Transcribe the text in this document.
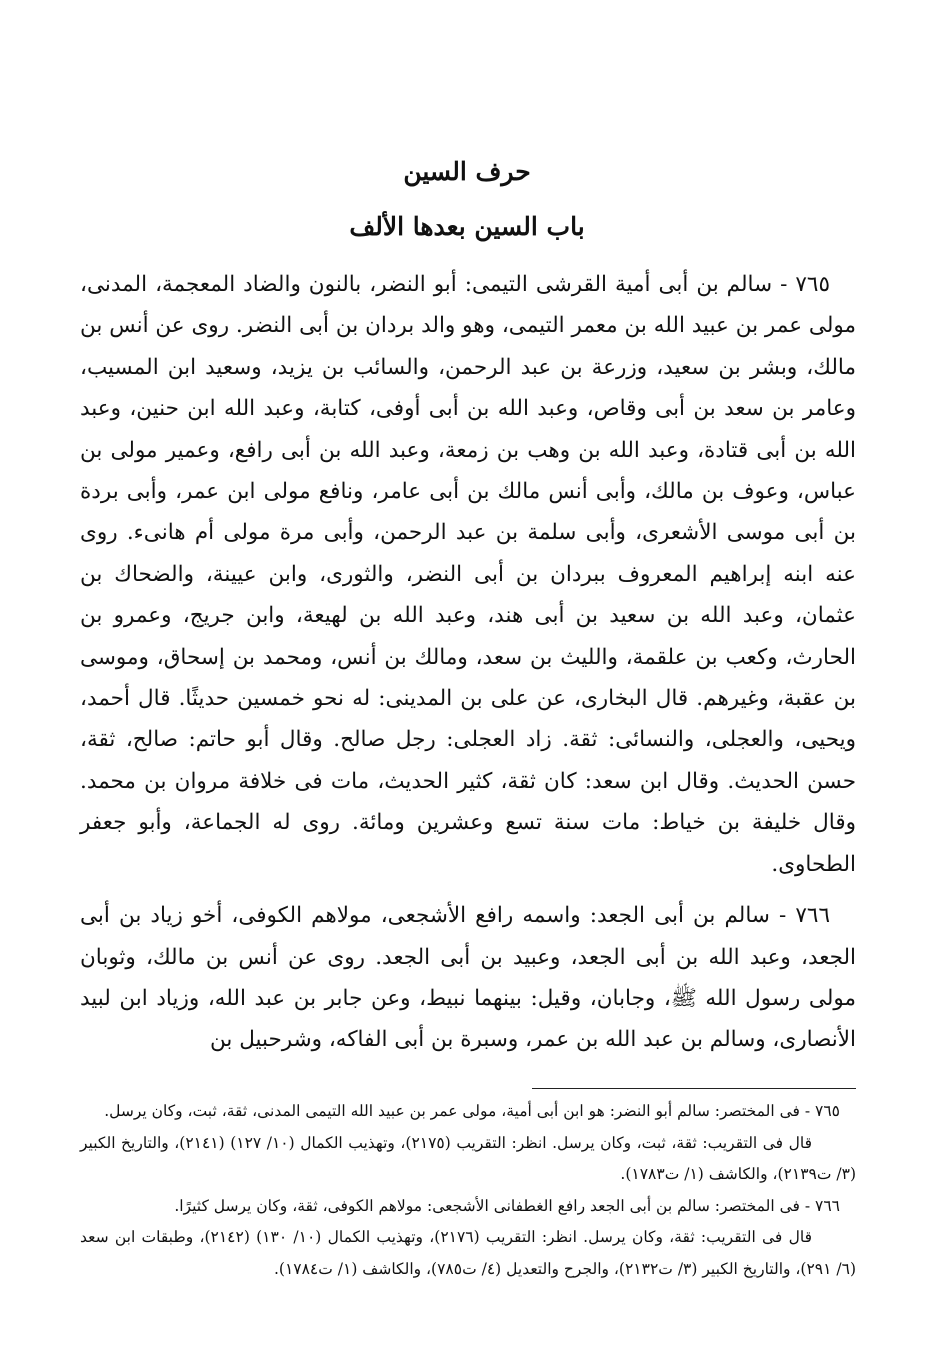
حرف السين
باب السين بعدها الألف

٧٦٥ - سالم بن أبى أمية القرشى التيمى: أبو النضر، بالنون والضاد المعجمة، المدنى، مولى عمر بن عبيد الله بن معمر التيمى، وهو والد بردان بن أبى النضر. روى عن أنس بن مالك، وبشر بن سعيد، وزرعة بن عبد الرحمن، والسائب بن يزيد، وسعيد ابن المسيب، وعامر بن سعد بن أبى وقاص، وعبد الله بن أبى أوفى، كتابة، وعبد الله ابن حنين، وعبد الله بن أبى قتادة، وعبد الله بن وهب بن زمعة، وعبد الله بن أبى رافع، وعمير مولى بن عباس، وعوف بن مالك، وأبى أنس مالك بن أبى عامر، ونافع مولى ابن عمر، وأبى بردة بن أبى موسى الأشعرى، وأبى سلمة بن عبد الرحمن، وأبى مرة مولى أم هانىء. روى عنه ابنه إبراهيم المعروف ببردان بن أبى النضر، والثورى، وابن عيينة، والضحاك بن عثمان، وعبد الله بن سعيد بن أبى هند، وعبد الله بن لهيعة، وابن جريج، وعمرو بن الحارث، وكعب بن علقمة، والليث بن سعد، ومالك بن أنس، ومحمد بن إسحاق، وموسى بن عقبة، وغيرهم. قال البخارى، عن على بن المدينى: له نحو خمسين حديثًا. قال أحمد، ويحيى، والعجلى، والنسائى: ثقة. زاد العجلى: رجل صالح. وقال أبو حاتم: صالح، ثقة، حسن الحديث. وقال ابن سعد: كان ثقة، كثير الحديث، مات فى خلافة مروان بن محمد. وقال خليفة بن خياط: مات سنة تسع وعشرين ومائة. روى له الجماعة، وأبو جعفر الطحاوى.

٧٦٦ - سالم بن أبى الجعد: واسمه رافع الأشجعى، مولاهم الكوفى، أخو زياد بن أبى الجعد، وعبد الله بن أبى الجعد، وعبيد بن أبى الجعد. روى عن أنس بن مالك، وثوبان مولى رسول الله ﷺ، وجابان، وقيل: بينهما نبيط، وعن جابر بن عبد الله، وزياد ابن لبيد الأنصارى، وسالم بن عبد الله بن عمر، وسبرة بن أبى الفاكه، وشرحبيل بن

٧٦٥ - فى المختصر: سالم أبو النضر: هو ابن أبى أمية، مولى عمر بن عبيد الله التيمى المدنى، ثقة، ثبت، وكان يرسل.

قال فى التقريب: ثقة، ثبت، وكان يرسل. انظر: التقريب (٢١٧٥)، وتهذيب الكمال (١٠/ ١٢٧) (٢١٤١)، والتاريخ الكبير (٣/ ت٢١٣٩)، والكاشف (١/ ت١٧٨٣).

٧٦٦ - فى المختصر: سالم بن أبى الجعد رافع الغطفانى الأشجعى: مولاهم الكوفى، ثقة، وكان يرسل كثيرًا.

قال فى التقريب: ثقة، وكان يرسل. انظر: التقريب (٢١٧٦)، وتهذيب الكمال (١٠/ ١٣٠) (٢١٤٢)، وطبقات ابن سعد (٦/ ٢٩١)، والتاريخ الكبير (٣/ ت٢١٣٢)، والجرح والتعديل (٤/ ت٧٨٥)، والكاشف (١/ ت١٧٨٤).
